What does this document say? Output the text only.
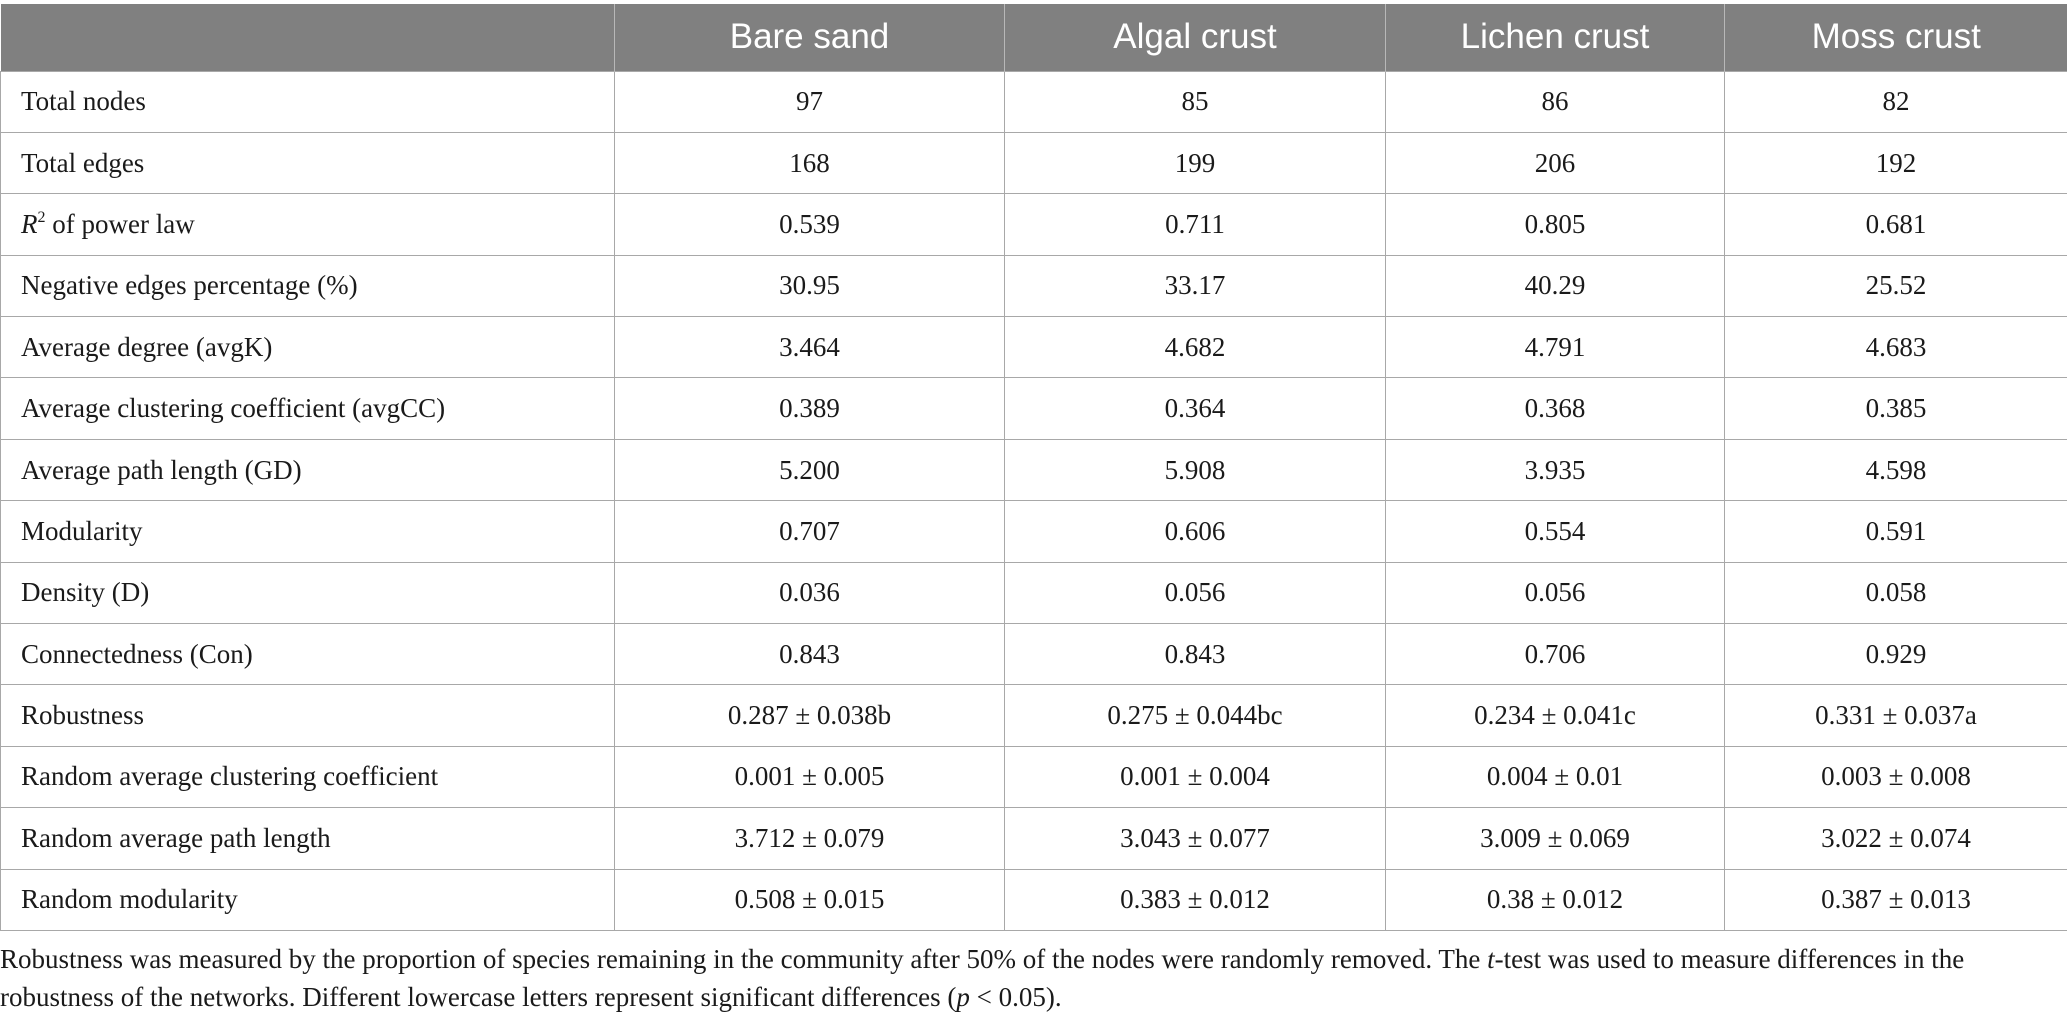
	Bare sand	Algal crust	Lichen crust	Moss crust
Total nodes	97	85	86	82
Total edges	168	199	206	192
$R^2$ of power law	0.539	0.711	0.805	0.681
Negative edges percentage (%)	30.95	33.17	40.29	25.52
Average degree (avgK)	3.464	4.682	4.791	4.683
Average clustering coefficient (avgCC)	0.389	0.364	0.368	0.385
Average path length (GD)	5.200	5.908	3.935	4.598
Modularity	0.707	0.606	0.554	0.591
Density (D)	0.036	0.056	0.056	0.058
Connectedness (Con)	0.843	0.843	0.706	0.929
Robustness	0.287 ± 0.038b	0.275 ± 0.044bc	0.234 ± 0.041c	0.331 ± 0.037a
Random average clustering coefficient	0.001 ± 0.005	0.001 ± 0.004	0.004 ± 0.01	0.003 ± 0.008
Random average path length	3.712 ± 0.079	3.043 ± 0.077	3.009 ± 0.069	3.022 ± 0.074
Random modularity	0.508 ± 0.015	0.383 ± 0.012	0.38 ± 0.012	0.387 ± 0.013
Robustness was measured by the proportion of species remaining in the community after 50% of the nodes were randomly removed. The t-test was used to measure differences in the robustness of the networks. Different lowercase letters represent significant differences (p < 0.05).
